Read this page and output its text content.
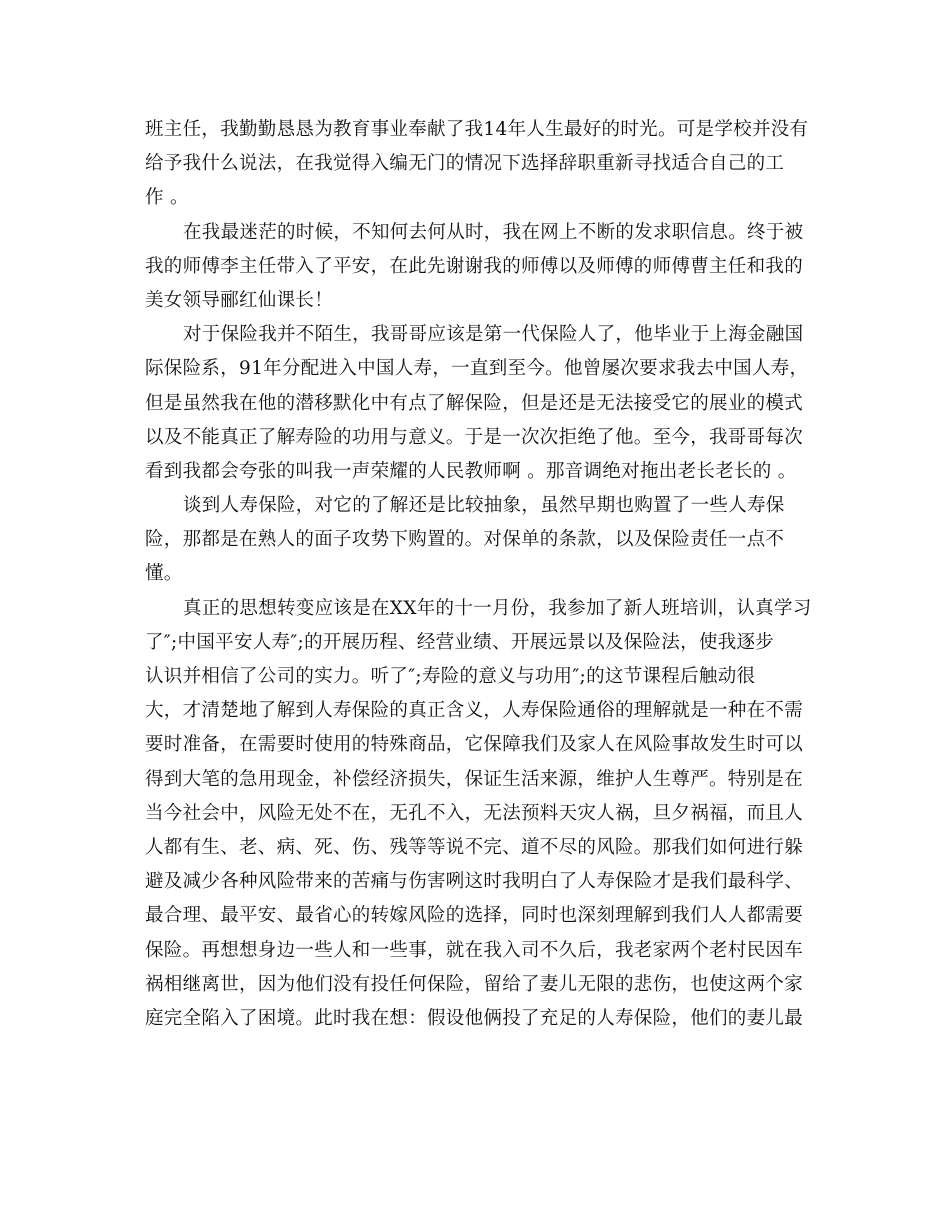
班主任，我勤勤恳恳为教育事业奉献了我14年人生最好的时光。可是学校并没有
给予我什么说法，在我觉得入编无门的情况下选择辞职重新寻找适合自己的工
作 。
在我最迷茫的时候，不知何去何从时，我在网上不断的发求职信息。终于被
我的师傅李主任带入了平安，在此先谢谢我的师傅以及师傅的师傅曹主任和我的
美女领导郦红仙课长！
对于保险我并不陌生，我哥哥应该是第一代保险人了，他毕业于上海金融国
际保险系，91年分配进入中国人寿，一直到至今。他曾屡次要求我去中国人寿，
但是虽然我在他的潜移默化中有点了解保险，但是还是无法接受它的展业的模式
以及不能真正了解寿险的功用与意义。于是一次次拒绝了他。至今，我哥哥每次
看到我都会夸张的叫我一声荣耀的人民教师啊 。那音调绝对拖出老长老长的 。
谈到人寿保险，对它的了解还是比较抽象，虽然早期也购置了一些人寿保
险，那都是在熟人的面子攻势下购置的。对保单的条款，以及保险责任一点不
懂。
真正的思想转变应该是在XX年的十一月份，我参加了新人班培训，认真学习
了″;中国平安人寿″;的开展历程、经营业绩、开展远景以及保险法，使我逐步
认识并相信了公司的实力。听了″;寿险的意义与功用″;的这节课程后触动很
大，才清楚地了解到人寿保险的真正含义，人寿保险通俗的理解就是一种在不需
要时准备，在需要时使用的特殊商品，它保障我们及家人在风险事故发生时可以
得到大笔的急用现金，补偿经济损失，保证生活来源，维护人生尊严。特别是在
当今社会中，风险无处不在，无孔不入，无法预料天灾人祸，旦夕祸福，而且人
人都有生、老、病、死、伤、残等等说不完、道不尽的风险。那我们如何进行躲
避及减少各种风险带来的苦痛与伤害咧这时我明白了人寿保险才是我们最科学、
最合理、最平安、最省心的转嫁风险的选择，同时也深刻理解到我们人人都需要
保险。再想想身边一些人和一些事，就在我入司不久后，我老家两个老村民因车
祸相继离世，因为他们没有投任何保险，留给了妻儿无限的悲伤，也使这两个家
庭完全陷入了困境。此时我在想：假设他俩投了充足的人寿保险，他们的妻儿最
